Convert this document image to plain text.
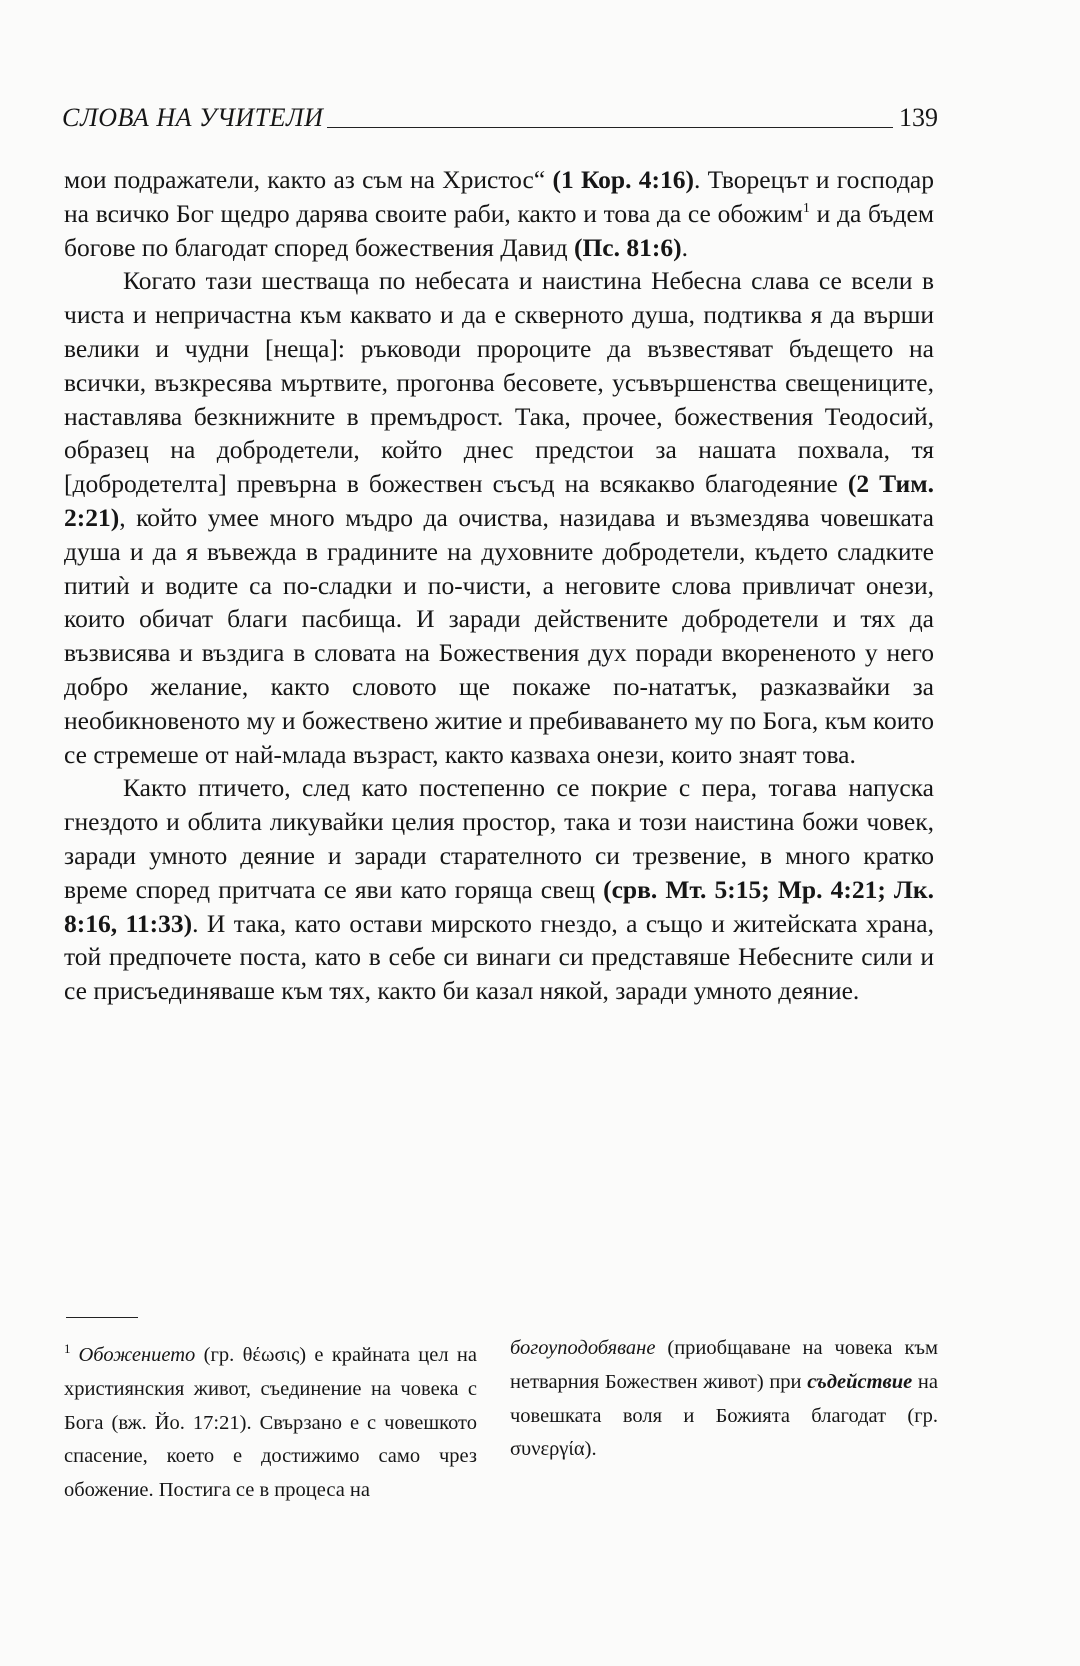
СЛОВА НА УЧИТЕЛИ	139

мои подражатели, както аз съм на Христос“ (1 Кор. 4:16). Творецът и господар на всичко Бог щедро дарява своите раби, както и това да се обожим$^1$ и да бъдем богове по благодат според божествения Давид (Пс. 81:6).

Когато тази шестваща по небесата и наистина Небесна слава се всели в чиста и непричастна към каквато и да е скверното душа, подтиква я да върши велики и чудни [неща]: ръководи пророците да възвестяват бъдещето на всички, възкресява мъртвите, прогонва бесовете, усъвършенства свещениците, наставлява безкнижните в премъдрост. Така, прочее, божествения Теодосий, образец на добродетели, който днес предстои за нашата похвала, тя [добродетелта] превърна в божествен съсъд на всякакво благодеяние (2 Тим. 2:21), който умее много мъдро да очиства, назидава и възмездява човешката душа и да я въвежда в градините на духовните добродетели, където сладките питиѝ и водите са по-сладки и по-чисти, а неговите слова привличат онези, които обичат благи пасбища. И заради действените добродетели и тях да възвисява и въздига в словата на Божествения дух поради вкорененото у него добро желание, както словото ще покаже по-нататък, разказвайки за необикновеното му и божествено житие и пребиваването му по Бога, към които се стремеше от най-млада възраст, както казваха онези, които знаят това.

Както птичето, след като постепенно се покрие с пера, тогава напуска гнездото и облита ликувайки целия простор, така и този наистина божи човек, заради умното деяние и заради старателното си трезвение, в много кратко време според притчата се яви като горяща свещ (срв. Мт. 5:15; Мр. 4:21; Лк. 8:16, 11:33). И така, като остави мирското гнездо, а също и житейската храна, той предпочете поста, като в себе си винаги си представяше Небесните сили и се присъединяваше към тях, както би казал някой, заради умното деяние.

$^1$ Обожението (гр. θέωσις) е крайната цел на християнския живот, съединение на човека с Бога (вж. Йо. 17:21). Свързано е с човешкото спасение, което е достижимо само чрез обожение. Постига се в процеса на
богоуподобяване (приобщаване на човека към нетварния Божествен живот) при съдействие на човешката воля и Божията благодат (гр. συνεργία).
